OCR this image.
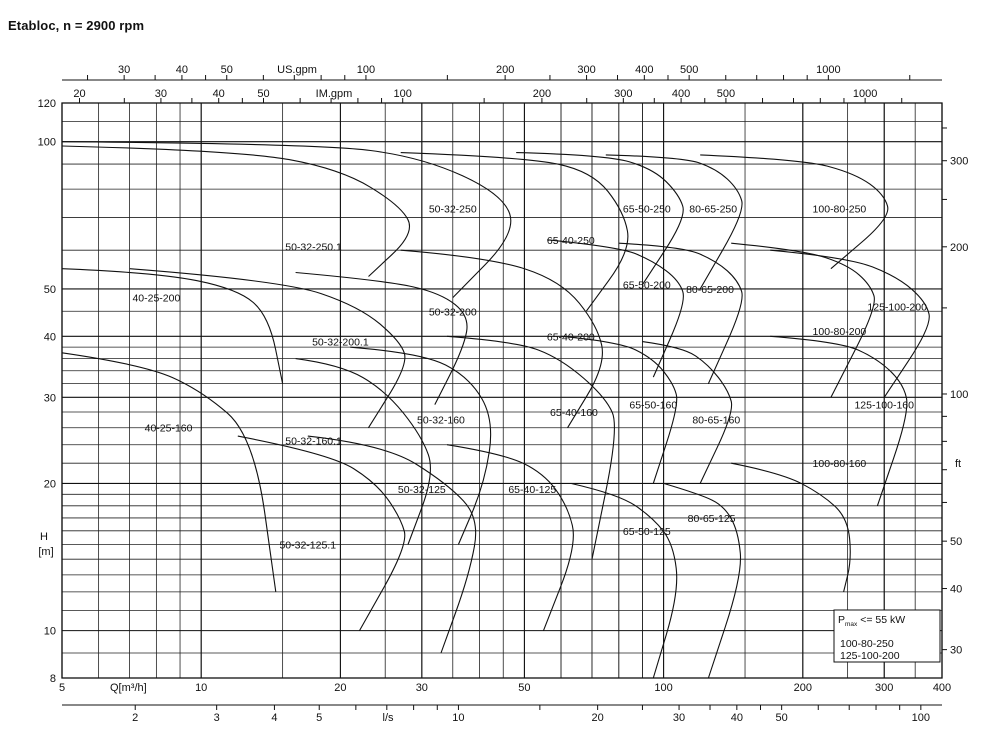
Etabloc, n = 2900 rpm
5	10	20	30	50	100	200	300	400
Q[m³/h]
2	3	4	5	10	20	30	40	50	100
l/s
30	40	50	100	200	300	400 500	1000
US.gpm
20	30	40	50	100	200	300	400 500	1000
IM.gpm
8
10
20
30
40
50
100
120
H
[m]
30
40
50
100
200
300
ft
40-25-200
40-25-160
50-32-250.1
50-32-250
50-32-200.1
50-32-200
50-32-160.1
50-32-160
50-32-125.1
50-32-125
65-40-250
65-40-200
65-40-160
65-40-125
65-50-250
65-50-200
65-50-160
65-50-125
80-65-250
80-65-200
80-65-160
80-65-125
100-80-250
100-80-200
100-80-160
125-100-200
125-100-160
$P_{max} <= 55$ kW
100-80-250
125-100-200
